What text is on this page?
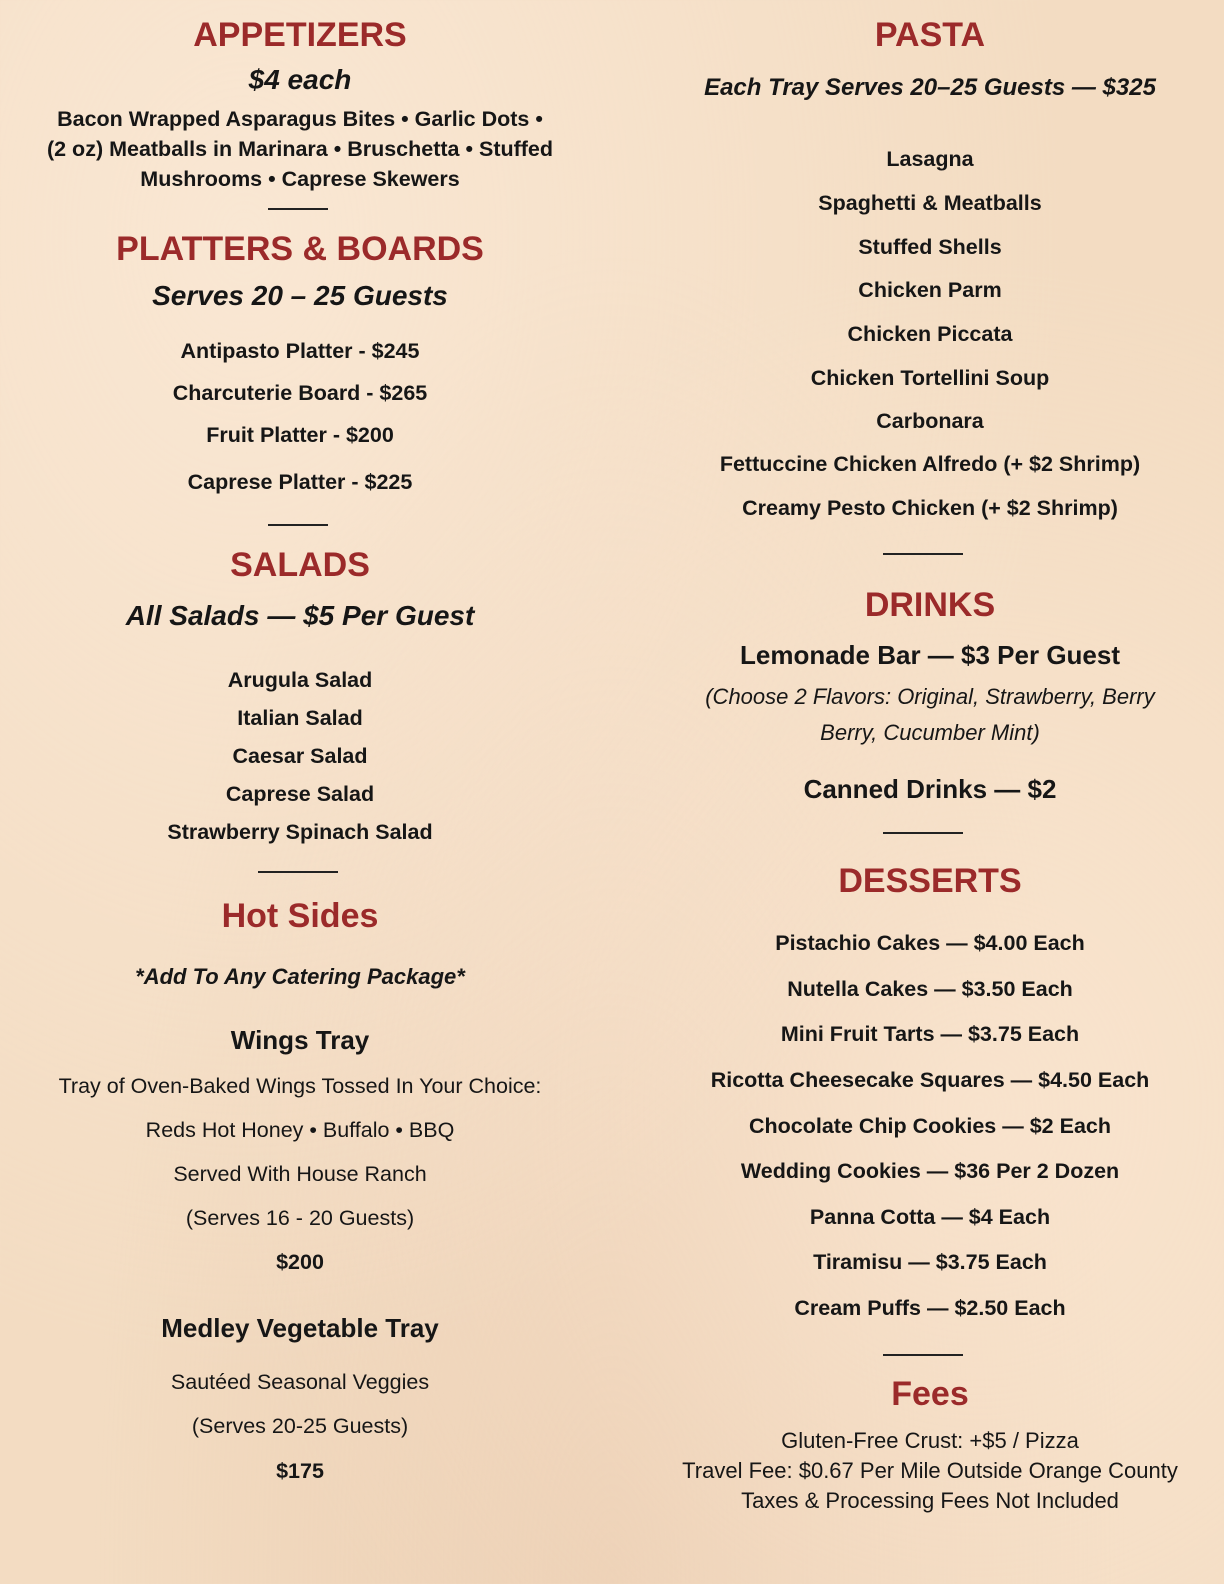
APPETIZERS
$4 each
Bacon Wrapped Asparagus Bites • Garlic Dots •
(2 oz) Meatballs in Marinara • Bruschetta • Stuffed
Mushrooms • Caprese Skewers
PLATTERS & BOARDS
Serves 20 – 25 Guests
Antipasto Platter - $245
Charcuterie Board - $265
Fruit Platter - $200
Caprese Platter - $225
SALADS
All Salads — $5 Per Guest
Arugula Salad
Italian Salad
Caesar Salad
Caprese Salad
Strawberry Spinach Salad
Hot Sides
*Add To Any Catering Package*
Wings Tray
Tray of Oven-Baked Wings Tossed In Your Choice:
Reds Hot Honey • Buffalo • BBQ
Served With House Ranch
(Serves 16 - 20 Guests)
$200
Medley Vegetable Tray
Sautéed Seasonal Veggies
(Serves 20-25 Guests)
$175
PASTA
Each Tray Serves 20–25 Guests — $325
Lasagna
Spaghetti & Meatballs
Stuffed Shells
Chicken Parm
Chicken Piccata
Chicken Tortellini Soup
Carbonara
Fettuccine Chicken Alfredo (+ $2 Shrimp)
Creamy Pesto Chicken (+ $2 Shrimp)
DRINKS
Lemonade Bar — $3 Per Guest
(Choose 2 Flavors: Original, Strawberry, Berry
Berry, Cucumber Mint)
Canned Drinks — $2
DESSERTS
Pistachio Cakes — $4.00 Each
Nutella Cakes — $3.50 Each
Mini Fruit Tarts — $3.75 Each
Ricotta Cheesecake Squares — $4.50 Each
Chocolate Chip Cookies — $2 Each
Wedding Cookies — $36 Per 2 Dozen
Panna Cotta — $4 Each
Tiramisu — $3.75 Each
Cream Puffs — $2.50 Each
Fees
Gluten-Free Crust: +$5 / Pizza
Travel Fee: $0.67 Per Mile Outside Orange County
Taxes & Processing Fees Not Included
